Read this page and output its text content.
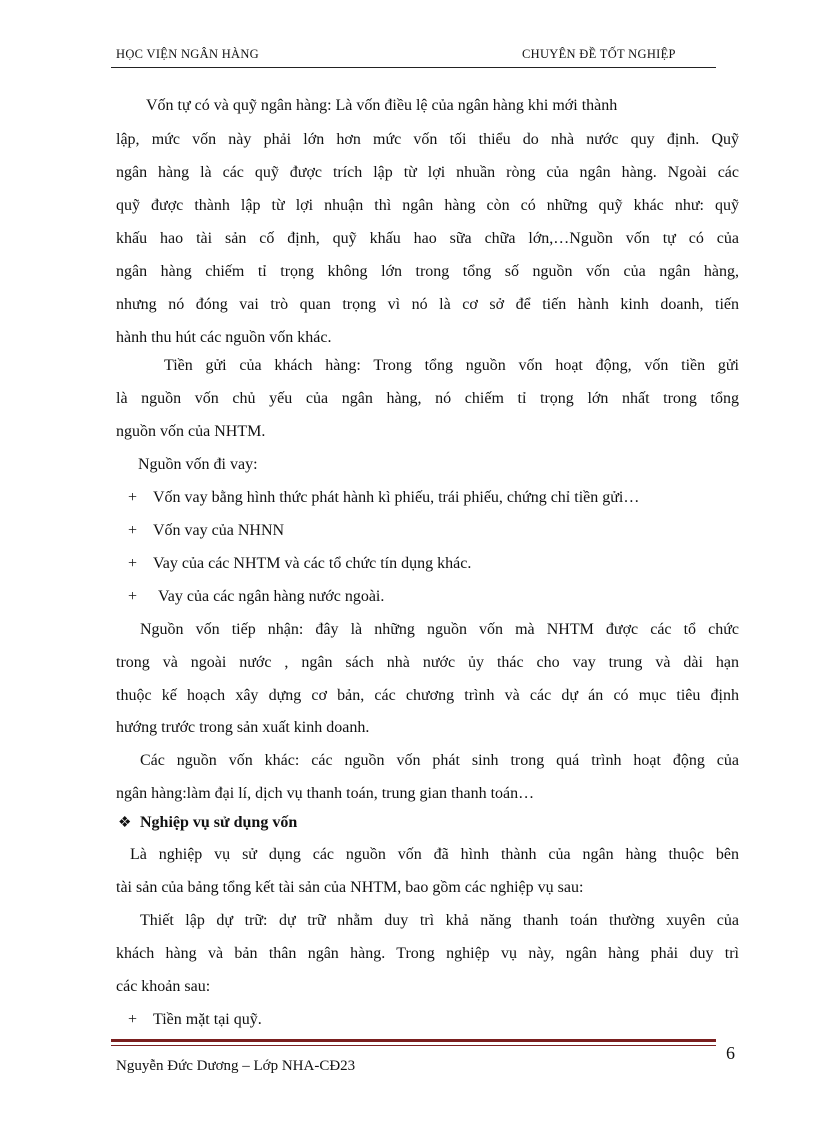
HỌC VIỆN NGÂN HÀNG	CHUYÊN ĐỀ TỐT NGHIỆP
Vốn tự có và quỹ ngân hàng: Là vốn điều lệ của ngân hàng khi mới thành
lập, mức vốn này phải lớn hơn mức vốn tối thiểu do nhà nước quy định. Quỹ
ngân hàng là các quỹ được trích lập từ lợi nhuần ròng của ngân hàng. Ngoài các
quỹ được thành lập từ lợi nhuận thì ngân hàng còn có những quỹ khác như: quỹ
khấu hao tài sản cố định, quỹ khấu hao sữa chữa lớn,…Nguồn vốn tự có của
ngân hàng chiếm tỉ trọng không lớn trong tổng số nguồn vốn của ngân hàng,
nhưng nó đóng vai trò quan trọng vì nó là cơ sở để tiến hành kinh doanh, tiến
hành thu hút các nguồn vốn khác.
Tiền gửi của khách hàng: Trong tổng nguồn vốn hoạt động, vốn tiền gửi
là nguồn vốn chủ yếu của ngân hàng, nó chiếm tỉ trọng lớn nhất trong tổng
nguồn vốn của NHTM.
Nguồn vốn đi vay:
+ Vốn vay bằng hình thức phát hành kì phiếu, trái phiếu, chứng chỉ tiền gửi…
+ Vốn vay của NHNN
+ Vay của các NHTM và các tổ chức tín dụng khác.
+ Vay của các ngân hàng nước ngoài.
Nguồn vốn tiếp nhận: đây là những nguồn vốn mà NHTM được các tổ chức
trong và ngoài nước , ngân sách nhà nước ủy thác cho vay trung và dài hạn
thuộc kế hoạch xây dựng cơ bản, các chương trình và các dự án có mục tiêu định
hướng trước trong sản xuất kinh doanh.
Các nguồn vốn khác: các nguồn vốn phát sinh trong quá trình hoạt động của
ngân hàng:làm đại lí, dịch vụ thanh toán, trung gian thanh toán…
❖ Nghiệp vụ sử dụng vốn
Là nghiệp vụ sử dụng các nguồn vốn đã hình thành của ngân hàng thuộc bên
tài sản của bảng tổng kết tài sản của NHTM, bao gồm các nghiệp vụ sau:
Thiết lập dự trữ: dự trữ nhằm duy trì khả năng thanh toán thường xuyên của
khách hàng và bản thân ngân hàng. Trong nghiệp vụ này, ngân hàng phải duy trì
các khoản sau:
+ Tiền mặt tại quỹ.
6
Nguyễn Đức Dương – Lớp NHA-CĐ23
